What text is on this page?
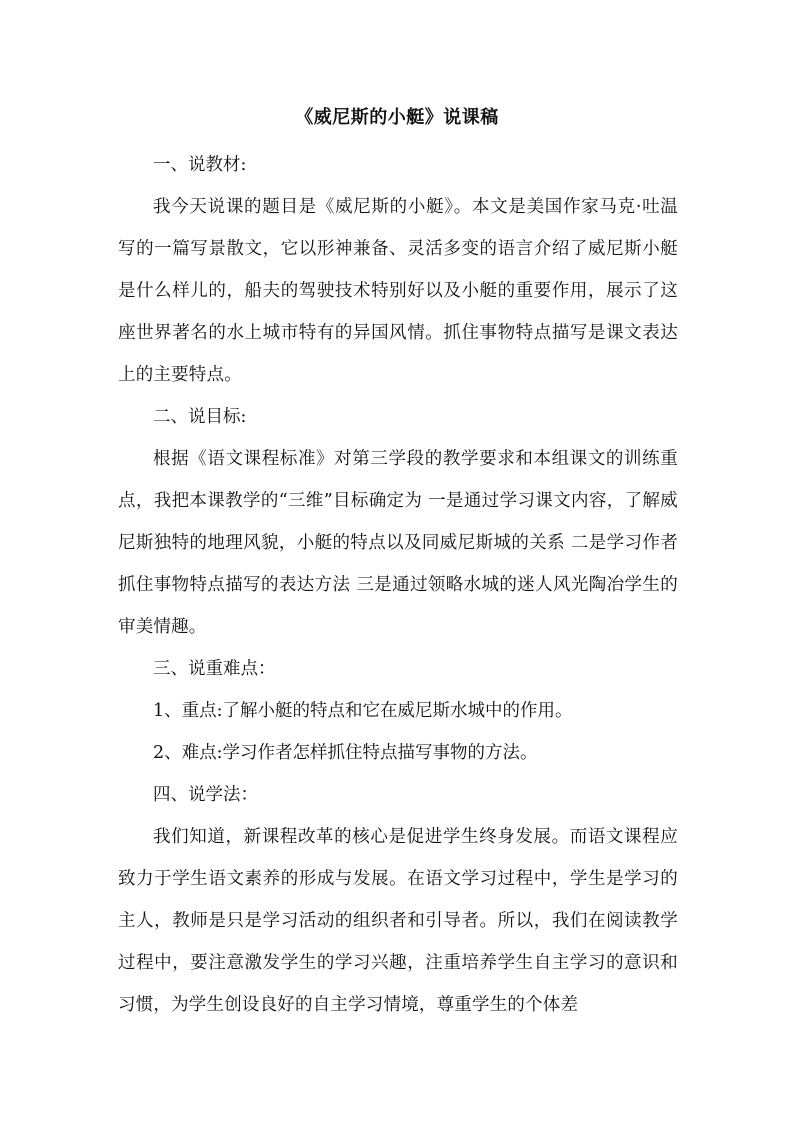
《威尼斯的小艇》说课稿

一、说教材:

我今天说课的题目是《威尼斯的小艇》。本文是美国作家马克·吐温写的一篇写景散文，它以形神兼备、灵活多变的语言介绍了威尼斯小艇是什么样儿的，船夫的驾驶技术特别好以及小艇的重要作用，展示了这座世界著名的水上城市特有的异国风情。抓住事物特点描写是课文表达上的主要特点。

二、说目标:

根据《语文课程标准》对第三学段的教学要求和本组课文的训练重点，我把本课教学的“三维”目标确定为 一是通过学习课文内容，了解威尼斯独特的地理风貌，小艇的特点以及同威尼斯城的关系 二是学习作者抓住事物特点描写的表达方法 三是通过领略水城的迷人风光陶冶学生的审美情趣。

三、说重难点：

1、重点:了解小艇的特点和它在威尼斯水城中的作用。

2、难点:学习作者怎样抓住特点描写事物的方法。

四、说学法：

我们知道，新课程改革的核心是促进学生终身发展。而语文课程应致力于学生语文素养的形成与发展。在语文学习过程中，学生是学习的主人，教师是只是学习活动的组织者和引导者。所以，我们在阅读教学过程中，要注意激发学生的学习兴趣，注重培养学生自主学习的意识和习惯，为学生创设良好的自主学习情境，尊重学生的个体差
